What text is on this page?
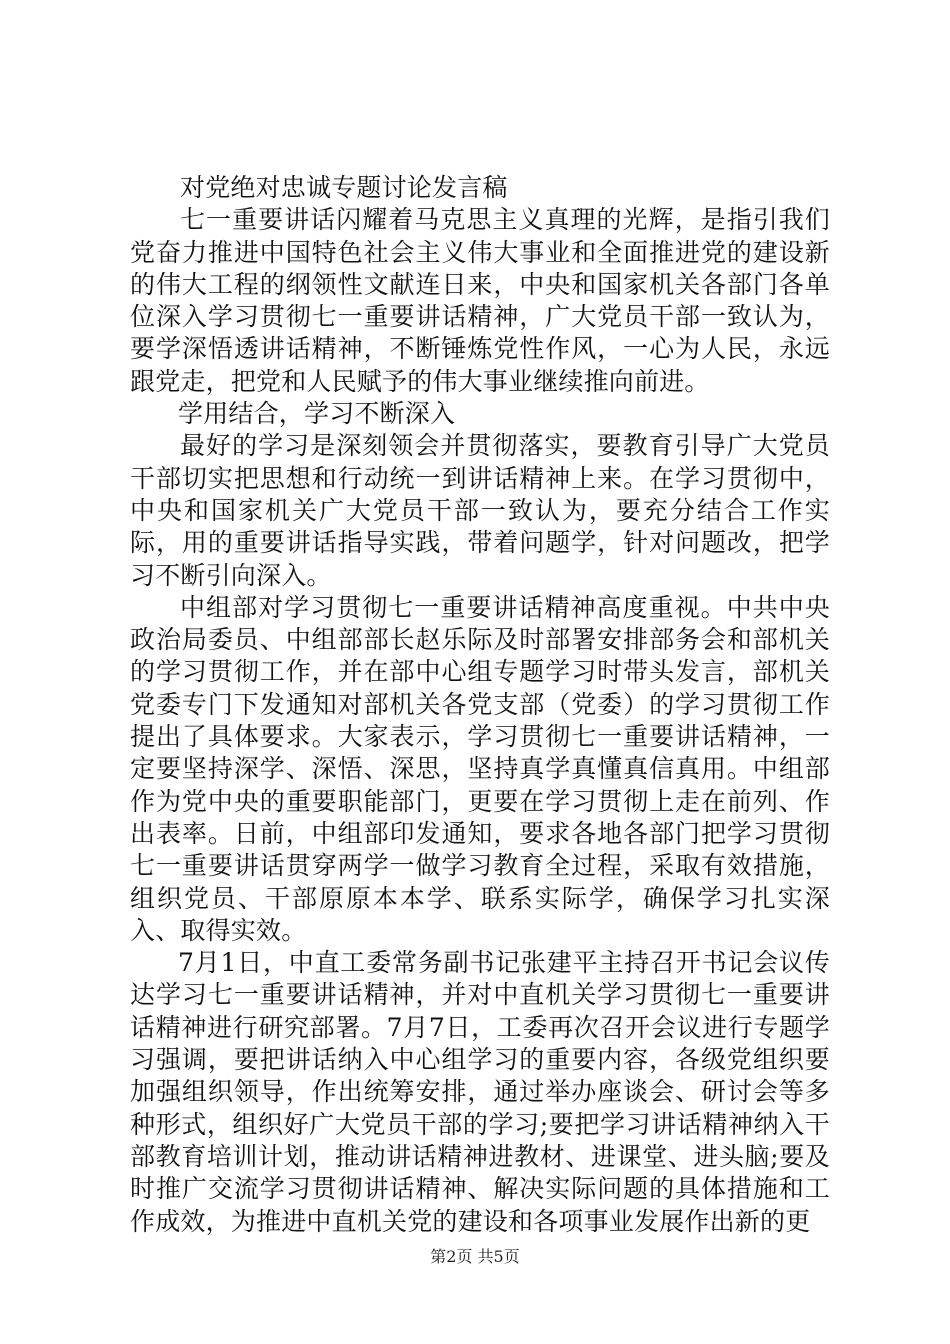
对党绝对忠诚专题讨论发言稿

七一重要讲话闪耀着马克思主义真理的光辉，是指引我们党奋力推进中国特色社会主义伟大事业和全面推进党的建设新的伟大工程的纲领性文献连日来，中央和国家机关各部门各单位深入学习贯彻七一重要讲话精神，广大党员干部一致认为，要学深悟透讲话精神，不断锤炼党性作风，一心为人民，永远跟党走，把党和人民赋予的伟大事业继续推向前进。

学用结合，学习不断深入

最好的学习是深刻领会并贯彻落实，要教育引导广大党员干部切实把思想和行动统一到讲话精神上来。在学习贯彻中，中央和国家机关广大党员干部一致认为，要充分结合工作实际，用的重要讲话指导实践，带着问题学，针对问题改，把学习不断引向深入。

中组部对学习贯彻七一重要讲话精神高度重视。中共中央政治局委员、中组部部长赵乐际及时部署安排部务会和部机关的学习贯彻工作，并在部中心组专题学习时带头发言，部机关党委专门下发通知对部机关各党支部（党委）的学习贯彻工作提出了具体要求。大家表示，学习贯彻七一重要讲话精神，一定要坚持深学、深悟、深思，坚持真学真懂真信真用。中组部作为党中央的重要职能部门，更要在学习贯彻上走在前列、作出表率。日前，中组部印发通知，要求各地各部门把学习贯彻七一重要讲话贯穿两学一做学习教育全过程，采取有效措施，组织党员、干部原原本本学、联系实际学，确保学习扎实深入、取得实效。

7月1日，中直工委常务副书记张建平主持召开书记会议传达学习七一重要讲话精神，并对中直机关学习贯彻七一重要讲话精神进行研究部署。7月7日，工委再次召开会议进行专题学习强调，要把讲话纳入中心组学习的重要内容，各级党组织要加强组织领导，作出统筹安排，通过举办座谈会、研讨会等多种形式，组织好广大党员干部的学习;要把学习讲话精神纳入干部教育培训计划，推动讲话精神进教材、进课堂、进头脑;要及时推广交流学习贯彻讲话精神、解决实际问题的具体措施和工作成效，为推进中直机关党的建设和各项事业发展作出新的更

第2页 共5页
